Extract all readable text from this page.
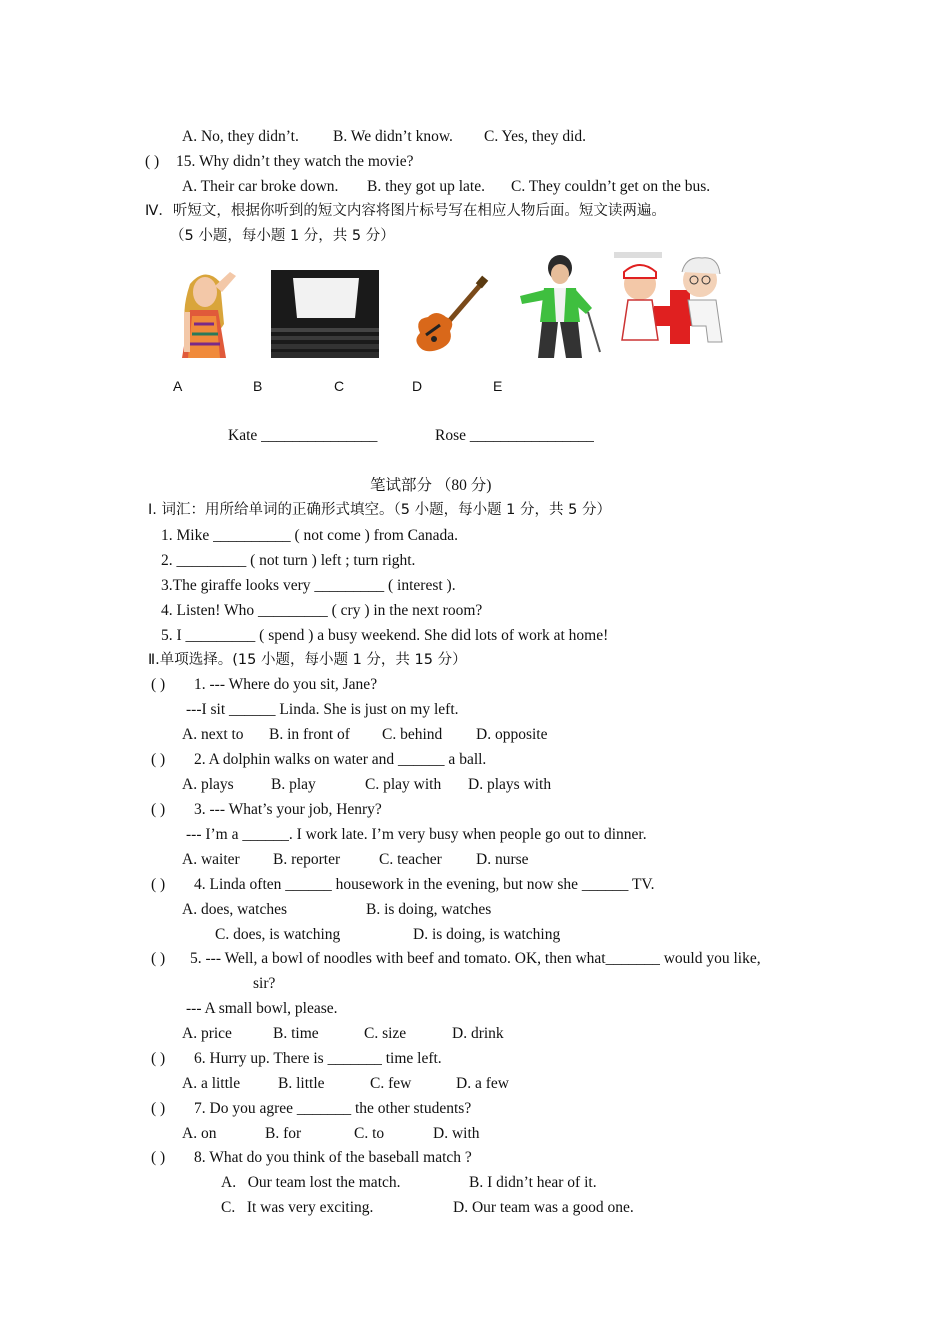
A. No, they didn’t. B. We didn’t know. C. Yes, they did.
( ) 15. Why didn’t they watch the movie?
A. Their car broke down. B. they got up late. C. They couldn’t get on the bus.
Ⅳ．听短文，根据你听到的短文内容将图片标号写在相应人物后面。短文读两遍。
（5 小题，每小题 1 分，共 5 分）
A	B	C	D	E
Kate _______________	Rose ________________
笔试部分 （80 分)
Ⅰ. 词汇：用所给单词的正确形式填空。（5 小题，每小题 1 分，共 5 分）
1. Mike __________ ( not come ) from Canada.
2. _________ ( not turn ) left ; turn right.
3.The giraffe looks very _________ ( interest ).
4. Listen! Who _________ ( cry ) in the next room?
5. I _________ ( spend ) a busy weekend. She did lots of work at home!
Ⅱ.单项选择。(15 小题，每小题 1 分，共 15 分）
( ) 1. --- Where do you sit, Jane?
---I sit ______ Linda. She is just on my left.
A. next to B. in front of C. behind D. opposite
( ) 2. A dolphin walks on water and ______ a ball.
A. plays B. play	C. play with D. plays with
( ) 3. --- What’s your job, Henry?
--- I’m a ______. I work late. I’m very busy when people go out to dinner.
A. waiter B. reporter	C. teacher D. nurse
( ) 4. Linda often ______ housework in the evening, but now she ______ TV.
A. does, watches	B. is doing, watches
C. does, is watching	D. is doing, is watching
( ) 5. --- Well, a bowl of noodles with beef and tomato. OK, then what_______ would you like,
sir?
--- A small bowl, please.
A. price	B. time	C. size	D. drink
( ) 6. Hurry up. There is _______ time left.
A. a little B. little	C. few	D. a few
( ) 7. Do you agree _______ the other students?
A. on	B. for	C. to	D. with
( ) 8. What do you think of the baseball match ?
A.   Our team lost the match.	B. I didn’t hear of it.
C.   It was very exciting.	D. Our team was a good one.
